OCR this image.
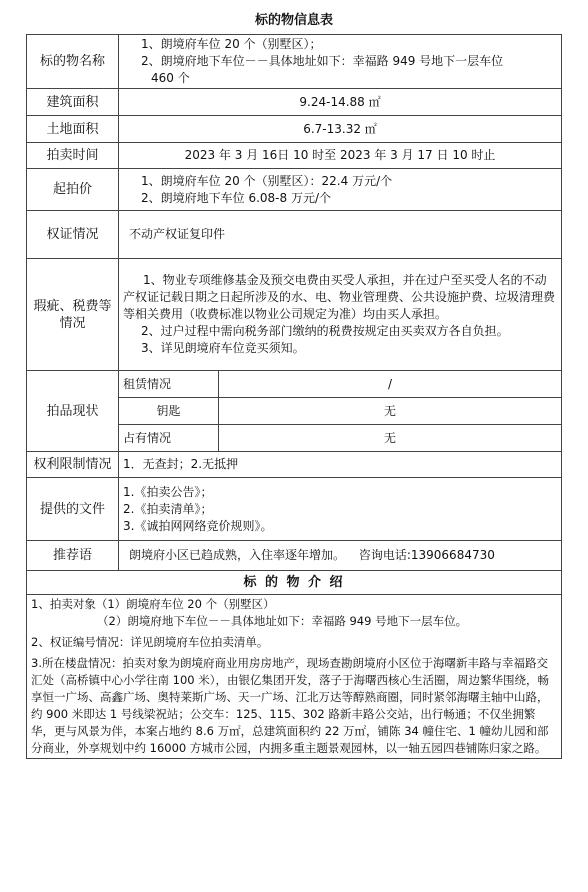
标的物信息表
标的物名称	1、朗境府车位 20 个（别墅区）；
2、朗境府地下车位－－具体地址如下：幸福路 949 号地下一层车位
460 个	

建筑面积	9.24-14.88 ㎡	
土地面积	6.7-13.32 ㎡	
拍卖时间	2023 年 3 月 16日 10 时至 2023 年 3 月 17 日 10 时止	
起拍价	1、朗境府车位 20 个（别墅区）：22.4 万元/个
2、朗境府地下车位 6.08-8 万元/个	

权证情况	不动产权证复印件	
瑕疵、税费等情况	1、物业专项维修基金及预交电费由买受人承担，并在过户至买受人名的不动产权证记载日期之日起所涉及的水、电、物业管理费、公共设施护费、垃圾清理费等相关费用（收费标准以物业公司规定为准）均由买人承担。
2、过户过程中需向税务部门缴纳的税费按规定由买卖双方各自负担。
3、详见朗境府车位竞买须知。	

拍品现状	租赁情况	/
	钥匙	无
	占有情况	无
权利限制情况	1．无查封；2.无抵押	
提供的文件	1.《拍卖公告》；
2.《拍卖清单》；
3.《诚拍网网络竞价规则》。	

推荐语	朗境府小区已趋成熟，入住率逐年增加。 咨询电话:13906684730	
标 的 物 介 绍		

1、拍卖对象（1）朗境府车位 20 个（别墅区）

（2）朗境府地下车位－－具体地址如下：幸福路 949 号地下一层车位。

2、权证编号情况：详见朗境府车位拍卖清单。

3.所在楼盘情况：拍卖对象为朗境府商业用房房地产，现场查勘朗境府小区位于海曙新丰路与幸福路交汇处（高桥镇中心小学往南 100 米），由银亿集团开发，落子于海曙西核心生活圈，周边繁华围绕，畅享恒一广场、高鑫广场、奥特莱斯广场、天一广场、江北万达等醇熟商圈，同时紧邻海曙主轴中山路，约 900 米即达 1 号线梁祝站；公交车：125、115、302 路新丰路公交站，出行畅通；不仅坐拥繁华，更与风景为伴，本案占地约 8.6 万㎡，总建筑面积约 22 万㎡，铺陈 34 幢住宅、1 幢幼儿园和部分商业，外享规划中约 16000 方城市公园，内拥多重主题景观园林，以一轴五园四巷铺陈归家之路。		
